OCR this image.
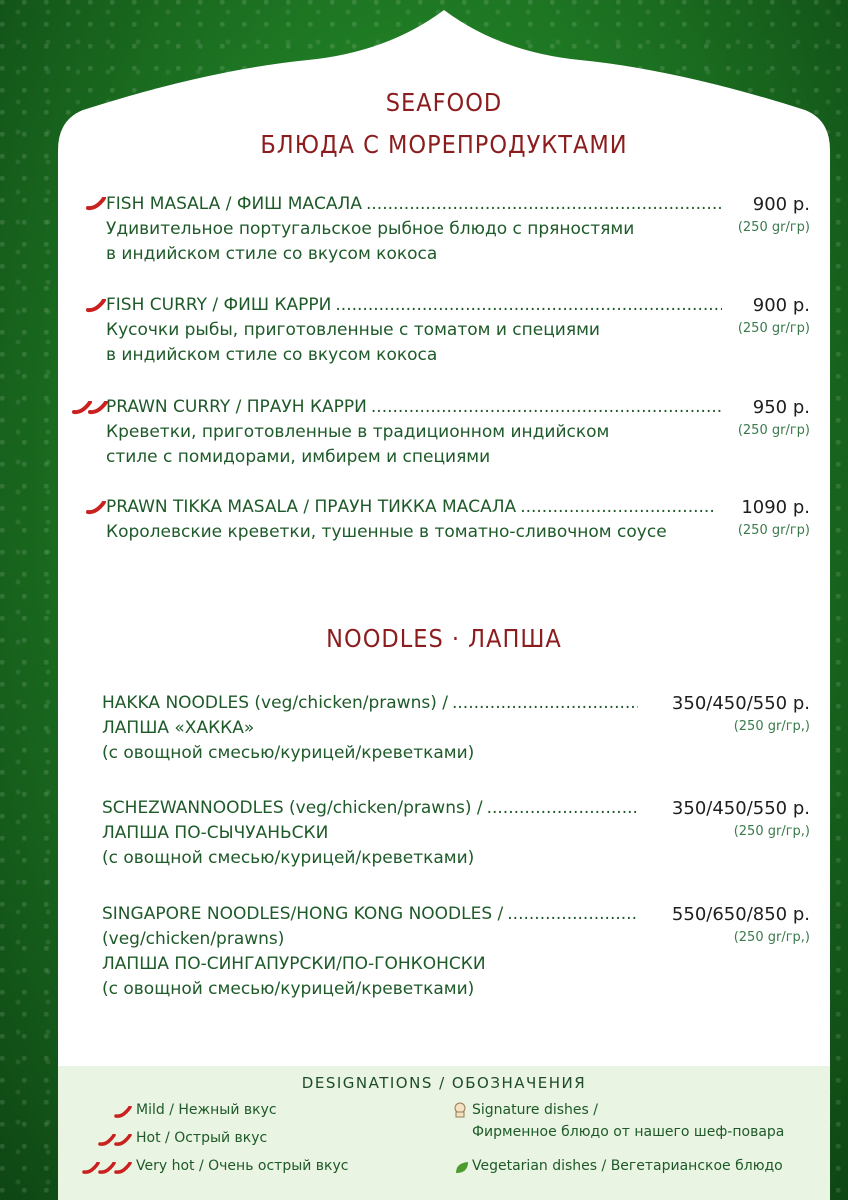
SEAFOOD
БЛЮДА С МОРЕПРОДУКТАМИ
FISH MASALA / ФИШ МАСАЛА .....	900 р.
(250 gr/гр)
Удивительное португальское рыбное блюдо с пряностями
в индийском стиле со вкусом кокоса
FISH CURRY / ФИШ КАРРИ .....	900 р.
(250 gr/гр)
Кусочки рыбы, приготовленные с томатом и специями
в индийском стиле со вкусом кокоса
PRAWN CURRY / ПРАУН КАРРИ .....	950 р.
(250 gr/гр)
Креветки, приготовленные в традиционном индийском
стиле с помидорами, имбирем и специями
PRAWN TIKKA MASALA / ПРАУН ТИККА МАСАЛА .....	1090 р.
(250 gr/гр)
Королевские креветки, тушенные в томатно-сливочном соусе
NOODLES · ЛАПША
HAKKA NOODLES (veg/chicken/prawns) / .....	350/450/550 р.
(250 gr/гр,)
ЛАПША «ХАККА»
(с овощной смесью/курицей/креветками)
SCHEZWANNOODLES (veg/chicken/prawns) / .....	350/450/550 р.
(250 gr/гр,)
ЛАПША ПО-СЫЧУАНЬСКИ
(с овощной смесью/курицей/креветками)
SINGAPORE NOODLES/HONG KONG NOODLES / .....	550/650/850 р.
(250 gr/гр,)
(veg/chicken/prawns)
ЛАПША ПО-СИНГАПУРСКИ/ПО-ГОНКОНСКИ
(с овощной смесью/курицей/креветками)
DESIGNATIONS / ОБОЗНАЧЕНИЯ
Mild / Нежный вкус
Hot / Острый вкус
Very hot / Очень острый вкус
Signature dishes /
Фирменное блюдо от нашего шеф-повара
Vegetarian dishes / Вегетарианское блюдо
